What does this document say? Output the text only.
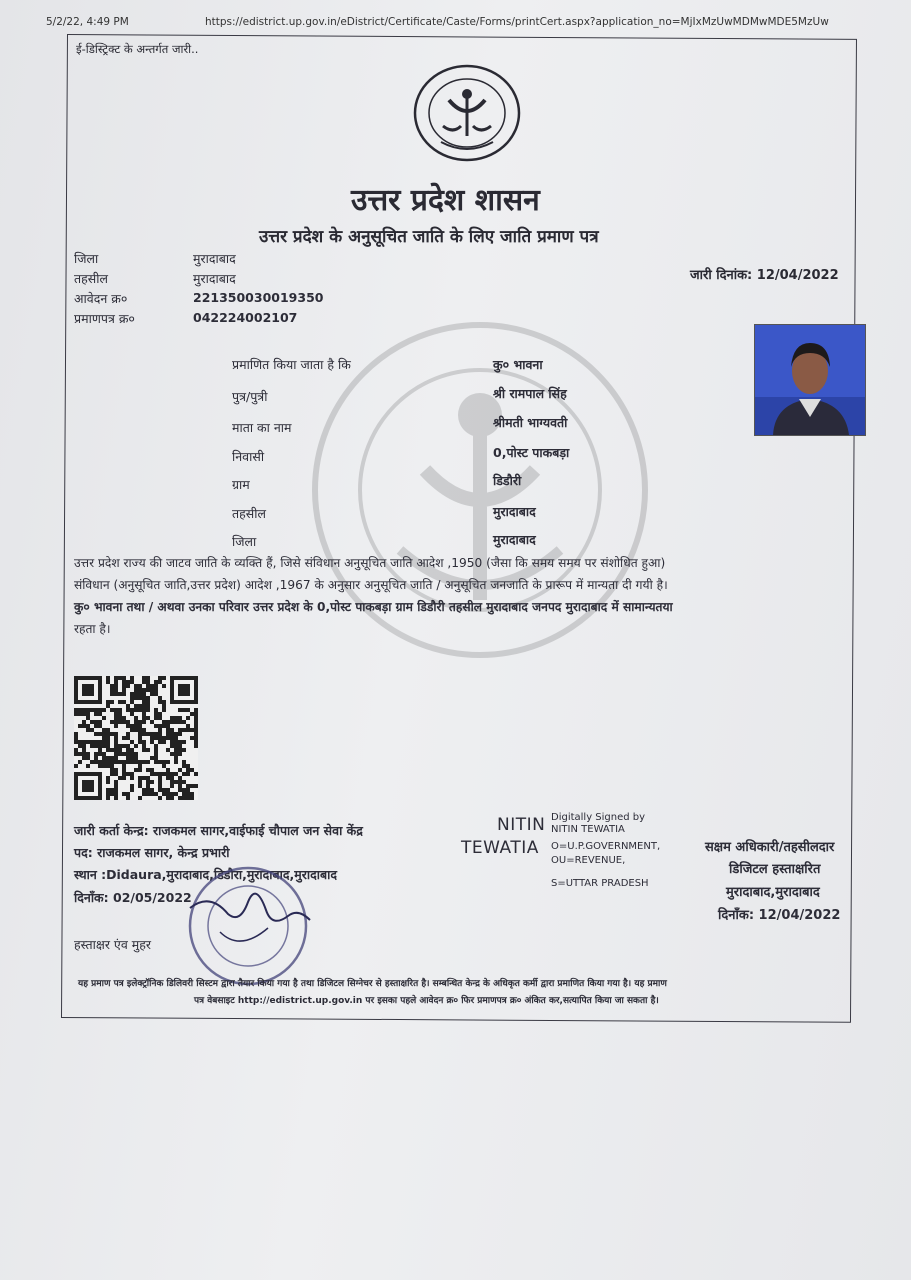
5/2/22, 4:49 PM	https://edistrict.up.gov.in/eDistrict/Certificate/Caste/Forms/printCert.aspx?application_no=MjIxMzUwMDMwMDE5MzUw
ई-डिस्ट्रिक्ट के अन्तर्गत जारी..
उत्तर प्रदेश शासन
उत्तर प्रदेश के अनुसूचित जाति के लिए जाति प्रमाण पत्र
जिला	मुरादाबाद
तहसील	मुरादाबाद
आवेदन क्र०	221350030019350
प्रमाणपत्र क्र०	042224002107
जारी दिनांक: 12/04/2022
प्रमाणित किया जाता है कि	कु० भावना
पुत्र/पुत्री	श्री रामपाल सिंह
माता का नाम	श्रीमती भाग्यवती
निवासी	0,पोस्ट पाकबड़ा
ग्राम	डिडौरी
तहसील	मुरादाबाद
जिला	मुरादाबाद
उत्तर प्रदेश राज्य की जाटव जाति के व्यक्ति हैं, जिसे संविधान अनुसूचित जाति आदेश ,1950 (जैसा कि समय समय पर संशोधित हुआ)
संविधान (अनुसूचित जाति,उत्तर प्रदेश) आदेश ,1967 के अनुसार अनुसूचित जाति / अनुसूचित जनजाति के प्रारूप में मान्यता दी गयी है।
कु० भावना तथा / अथवा उनका परिवार उत्तर प्रदेश के 0,पोस्ट पाकबड़ा ग्राम डिडौरी तहसील मुरादाबाद जनपद मुरादाबाद में सामान्यतया
रहता है।
जारी कर्ता केन्द्र: राजकमल सागर,वाईफाई चौपाल जन सेवा केंद्र
पद: राजकमल सागर, केन्द्र प्रभारी
स्थान :Didaura,मुरादाबाद,डिडौरा,मुरादाबाद,मुरादाबाद
दिनाँक: 02/05/2022
हस्ताक्षर एंव मुहर
NITIN
TEWATIA
Digitally Signed by
NITIN TEWATIA
O=U.P.GOVERNMENT,
OU=REVENUE,
S=UTTAR PRADESH
सक्षम अधिकारी/तहसीलदार
डिजिटल हस्ताक्षरित
मुरादाबाद,मुरादाबाद
दिनाँक: 12/04/2022
यह प्रमाण पत्र इलेक्ट्रॉनिक डिलिवरी सिस्टम द्वारा तैयार किया गया है तथा डिजिटल सिग्नेचर से हस्ताक्षरित है। सम्बन्धित केन्द्र के अधिकृत कर्मी द्वारा प्रमाणित किया गया है। यह प्रमाण
पत्र वेबसाइट http://edistrict.up.gov.in पर इसका पहले आवेदन क्र० फिर प्रमाणपत्र क्र० अंकित कर,सत्यापित किया जा सकता है।
